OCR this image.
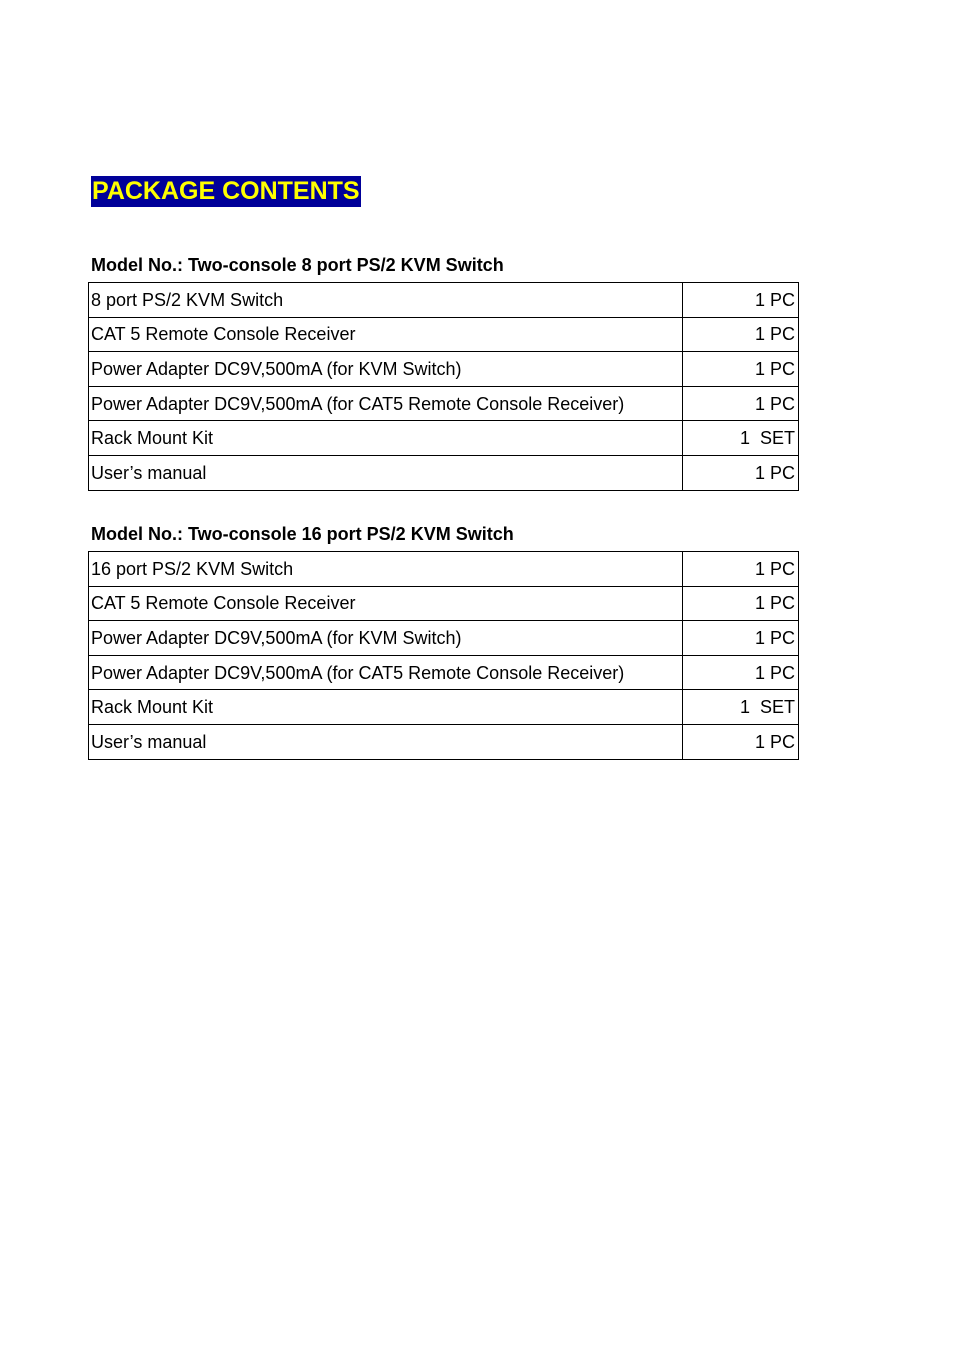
PACKAGE CONTENTS
Model No.: Two-console 8 port PS/2 KVM Switch
8 port PS/2 KVM Switch	1 PC
CAT 5 Remote Console Receiver	1 PC
Power Adapter DC9V,500mA (for KVM Switch)	1 PC
Power Adapter DC9V,500mA (for CAT5 Remote Console Receiver)	1 PC
Rack Mount Kit	1  SET
User’s manual	1 PC
Model No.: Two-console 16 port PS/2 KVM Switch
16 port PS/2 KVM Switch	1 PC
CAT 5 Remote Console Receiver	1 PC
Power Adapter DC9V,500mA (for KVM Switch)	1 PC
Power Adapter DC9V,500mA (for CAT5 Remote Console Receiver)	1 PC
Rack Mount Kit	1  SET
User’s manual	1 PC
